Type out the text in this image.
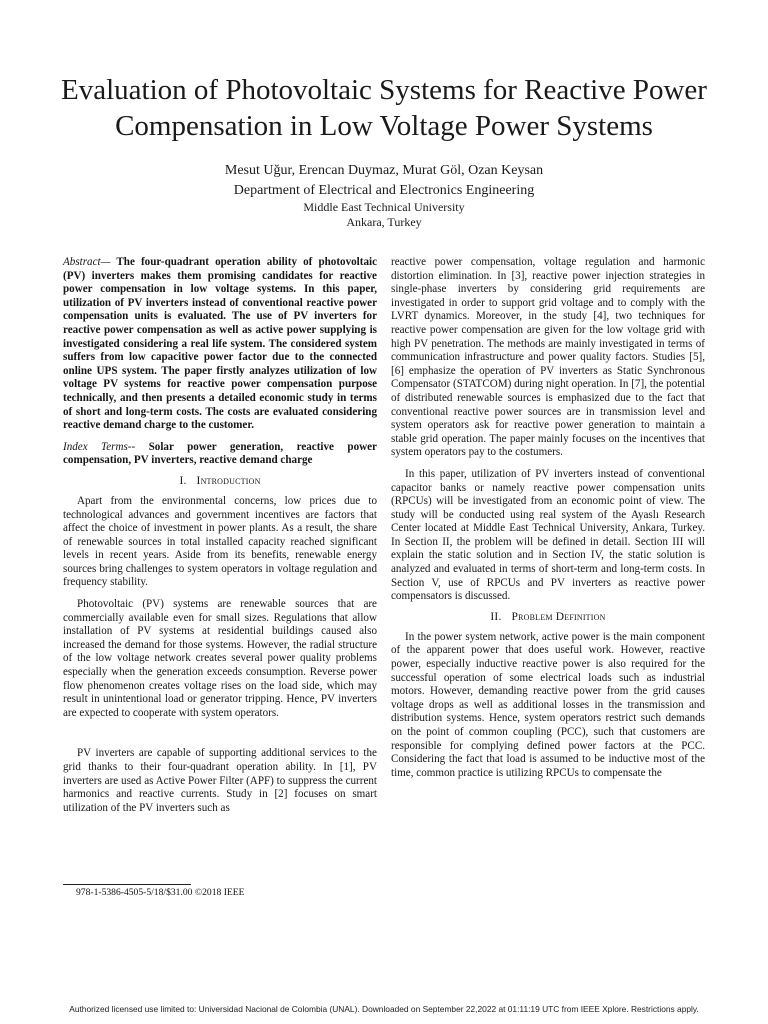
Evaluation of Photovoltaic Systems for Reactive Power Compensation in Low Voltage Power Systems
Mesut Uğur, Erencan Duymaz, Murat Göl, Ozan Keysan
Department of Electrical and Electronics Engineering
Middle East Technical University
Ankara, Turkey

Abstract— The four-quadrant operation ability of photovoltaic (PV) inverters makes them promising candidates for reactive power compensation in low voltage systems. In this paper, utilization of PV inverters instead of conventional reactive power compensation units is evaluated. The use of PV inverters for reactive power compensation as well as active power supplying is investigated considering a real life system. The considered system suffers from low capacitive power factor due to the connected online UPS system. The paper firstly analyzes utilization of low voltage PV systems for reactive power compensation purpose technically, and then presents a detailed economic study in terms of short and long-term costs. The costs are evaluated considering reactive demand charge to the customer.

Index Terms-- Solar power generation, reactive power compensation, PV inverters, reactive demand charge

I. Introduction

Apart from the environmental concerns, low prices due to technological advances and government incentives are factors that affect the choice of investment in power plants. As a result, the share of renewable sources in total installed capacity reached significant levels in recent years. Aside from its benefits, renewable energy sources bring challenges to system operators in voltage regulation and frequency stability.

Photovoltaic (PV) systems are renewable sources that are commercially available even for small sizes. Regulations that allow installation of PV systems at residential buildings caused also increased the demand for those systems. However, the radial structure of the low voltage network creates several power quality problems especially when the generation exceeds consumption. Reverse power flow phenomenon creates voltage rises on the load side, which may result in unintentional load or generator tripping. Hence, PV inverters are expected to cooperate with system operators.

PV inverters are capable of supporting additional services to the grid thanks to their four-quadrant operation ability. In [1], PV inverters are used as Active Power Filter (APF) to suppress the current harmonics and reactive currents. Study in [2] focuses on smart utilization of the PV inverters such as

reactive power compensation, voltage regulation and harmonic distortion elimination. In [3], reactive power injection strategies in single-phase inverters by considering grid requirements are investigated in order to support grid voltage and to comply with the LVRT dynamics. Moreover, in the study [4], two techniques for reactive power compensation are given for the low voltage grid with high PV penetration. The methods are mainly investigated in terms of communication infrastructure and power quality factors. Studies [5], [6] emphasize the operation of PV inverters as Static Synchronous Compensator (STATCOM) during night operation. In [7], the potential of distributed renewable sources is emphasized due to the fact that conventional reactive power sources are in transmission level and system operators ask for reactive power generation to maintain a stable grid operation. The paper mainly focuses on the incentives that system operators pay to the costumers.

In this paper, utilization of PV inverters instead of conventional capacitor banks or namely reactive power compensation units (RPCUs) will be investigated from an economic point of view. The study will be conducted using real system of the Ayaslı Research Center located at Middle East Technical University, Ankara, Turkey. In Section II, the problem will be defined in detail. Section III will explain the static solution and in Section IV, the static solution is analyzed and evaluated in terms of short-term and long-term costs. In Section V, use of RPCUs and PV inverters as reactive power compensators is discussed.

II. Problem Definition

In the power system network, active power is the main component of the apparent power that does useful work. However, reactive power, especially inductive reactive power is also required for the successful operation of some electrical loads such as industrial motors. However, demanding reactive power from the grid causes voltage drops as well as additional losses in the transmission and distribution systems. Hence, system operators restrict such demands on the point of common coupling (PCC), such that customers are responsible for complying defined power factors at the PCC. Considering the fact that load is assumed to be inductive most of the time, common practice is utilizing RPCUs to compensate the

978-1-5386-4505-5/18/$31.00 ©2018 IEEE
Authorized licensed use limited to: Universidad Nacional de Colombia (UNAL). Downloaded on September 22,2022 at 01:11:19 UTC from IEEE Xplore. Restrictions apply.
